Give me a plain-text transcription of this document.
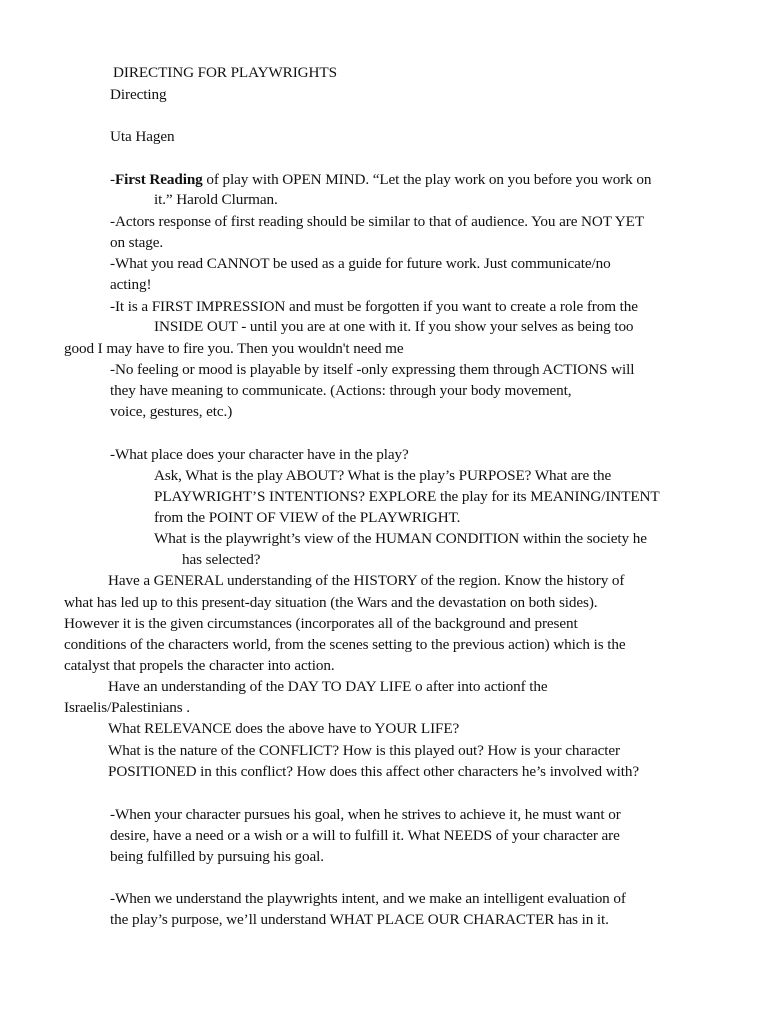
DIRECTING FOR PLAYWRIGHTS
Directing
Uta Hagen
-First Reading of play with OPEN MIND. “Let the play work on you before you work on
it.” Harold Clurman.
-Actors response of first reading should be similar to that of audience. You are NOT YET
on stage.
-What you read CANNOT be used as a guide for future work. Just communicate/no
acting!
-It is a FIRST IMPRESSION and must be forgotten if you want to create a role from the
INSIDE OUT - until you are at one with it. If you show your selves as being too
good I may have to fire you. Then you wouldn't need me
-No feeling or mood is playable by itself -only expressing them through ACTIONS will
they have meaning to communicate. (Actions: through your body movement,
voice, gestures, etc.)
-What place does your character have in the play?
Ask, What is the play ABOUT? What is the play’s PURPOSE? What are the
PLAYWRIGHT’S INTENTIONS? EXPLORE the play for its MEANING/INTENT
from the POINT OF VIEW of the PLAYWRIGHT.
What is the playwright’s view of the HUMAN CONDITION within the society he
has selected?
Have a GENERAL understanding of the HISTORY of the region. Know the history of
what has led up to this present-day situation (the Wars and the devastation on both sides).
However it is the given circumstances (incorporates all of the background and present
conditions of the characters world, from the scenes setting to the previous action) which is the
catalyst that propels the character into action.
Have an understanding of the DAY TO DAY LIFE o after into actionf the
Israelis/Palestinians .
What RELEVANCE does the above have to YOUR LIFE?
What is the nature of the CONFLICT? How is this played out? How is your character
POSITIONED in this conflict? How does this affect other characters he’s involved with?
-When your character pursues his goal, when he strives to achieve it, he must want or
desire, have a need or a wish or a will to fulfill it. What NEEDS of your character are
being fulfilled by pursuing his goal.
-When we understand the playwrights intent, and we make an intelligent evaluation of
the play’s purpose, we’ll understand WHAT PLACE OUR CHARACTER has in it.
